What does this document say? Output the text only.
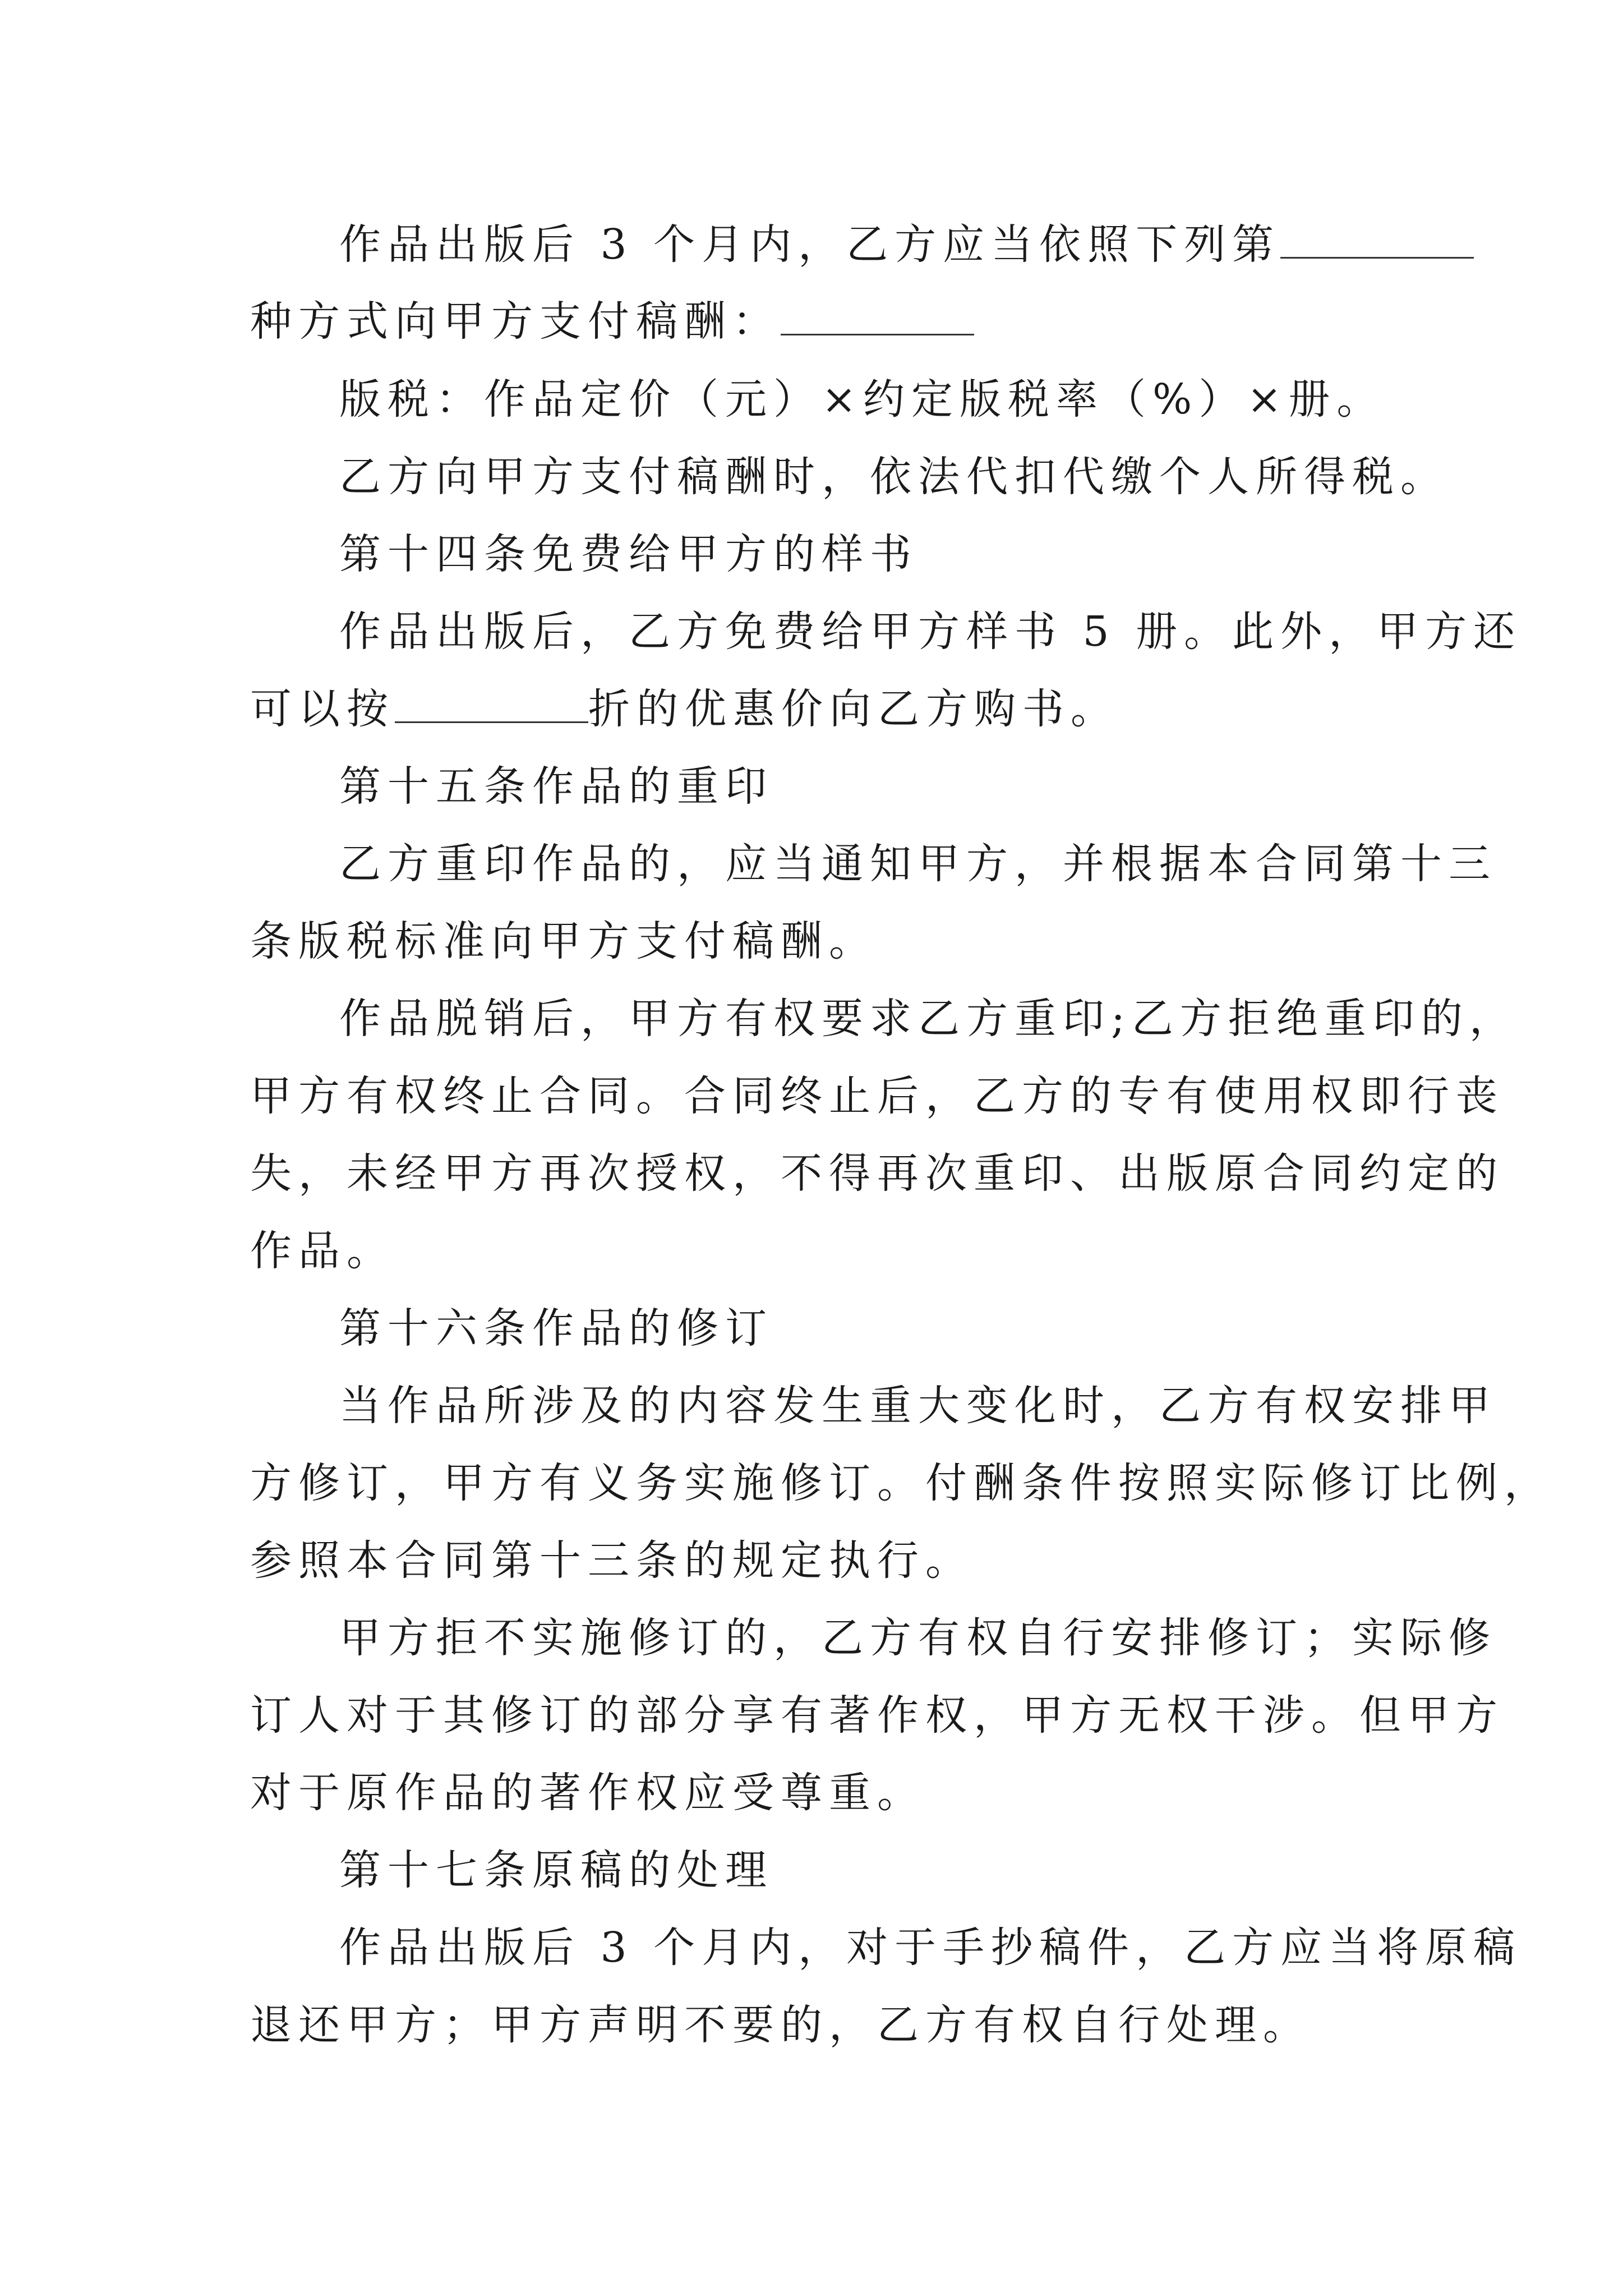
作品出版后 3 个月内，乙方应当依照下列第
种方式向甲方支付稿酬：
版税：作品定价（元）×约定版税率（%）×册。
乙方向甲方支付稿酬时，依法代扣代缴个人所得税。
第十四条免费给甲方的样书
作品出版后，乙方免费给甲方样书 5 册。此外，甲方还
可以按	折的优惠价向乙方购书。
第十五条作品的重印
乙方重印作品的，应当通知甲方，并根据本合同第十三
条版税标准向甲方支付稿酬。
作品脱销后，甲方有权要求乙方重印;乙方拒绝重印的，
甲方有权终止合同。合同终止后，乙方的专有使用权即行丧
失，未经甲方再次授权，不得再次重印、出版原合同约定的
作品。
第十六条作品的修订
当作品所涉及的内容发生重大变化时，乙方有权安排甲
方修订，甲方有义务实施修订。付酬条件按照实际修订比例，
参照本合同第十三条的规定执行。
甲方拒不实施修订的，乙方有权自行安排修订；实际修
订人对于其修订的部分享有著作权，甲方无权干涉。但甲方
对于原作品的著作权应受尊重。
第十七条原稿的处理
作品出版后 3 个月内，对于手抄稿件，乙方应当将原稿
退还甲方；甲方声明不要的，乙方有权自行处理。
